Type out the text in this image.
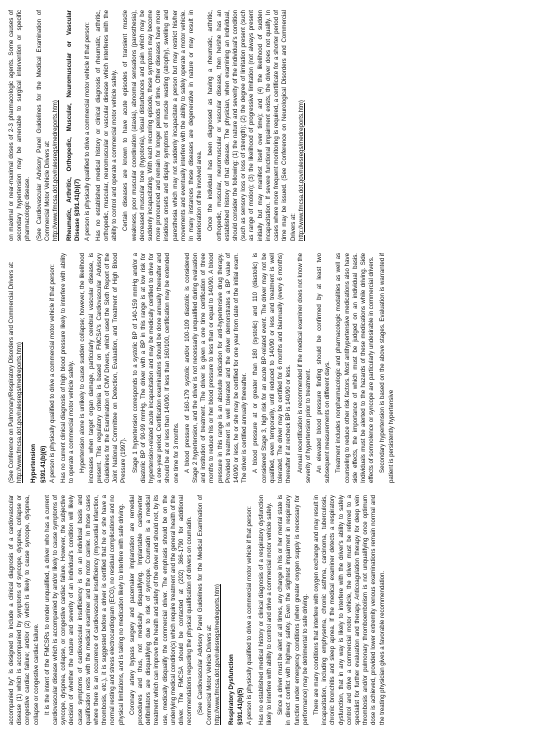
accompanied by" is designed to include a clinical diagnosis of a cardiovascular disease (1) which is accompanied by symptoms of syncope, dyspnea, collapse or congestive cardiac failure; and/or (2) which is likely to cause syncope, dyspnea, collapse or congestive cardiac failure. It is the intent of the FMCSRs to render unqualified, a driver who has a current cardiovascular disease which is accompanied by and/or likely to cause symptoms of syncope, dyspnea, collapse, or congestive cardiac failure. However, the subjective decision of whether the nature and severity of an individual's condition will likely cause symptoms of cardiovascular insufficiency is on an individual basis and qualification rests with the medical examiner and the motor carrier. In those cases where there is an occurrence of cardiovascular insufficiency (myocardial infarction, thrombosis, etc.), it is suggested before a driver is certified that he or she have a normal resting and stress electrocardiogram (ECG), no residual complications and no physical limitations, and is taking no medication likely to interfere with safe driving. Coronary artery bypass surgery and pacemaker implantation are remedial procedures and thus, not medically disqualifying. Implantable cardioverter defibrillators are disqualifying due to risk of syncope. Coumadin is a medical treatment which can improve the health and safety of the driver and should not, by its use, medically disqualify the commercial driver. The emphasis should be on the underlying medical condition(s) which require treatment and the general health of the driver. The FMCSA should be contacted at (202) 366-1790 for additional recommendations regarding the physical qualification of drivers on coumadin. (See Cardiovascular Advisory Panel Guidelines for the Medical Examination of Commercial Motor Vehicle Drivers at: http://www.fmcsa.dot.gov/rulesregs/medreports.htm) Respiratory Dysfunction §391.41(b)(5) A person is physically qualified to drive a commercial motor vehicle if that person: Has no established medical history or clinical diagnosis of a respiratory dysfunction likely to interfere with ability to control and drive a commercial motor vehicle safely. Since a driver must be alert at all times, any change in his or her mental state is in direct conflict with highway safety. Even the slightest impairment in respiratory function under emergency conditions (when greater oxygen supply is necessary for performance) may be detrimental to safe driving. There are many conditions that interfere with oxygen exchange and may result in incapacitation, including emphysema, chronic asthma, carcinoma, tuberculosis, chronic bronchitis and sleep apnea. If the medical examiner detects a respiratory dysfunction, that in any way is likely to interfere with the driver's ability to safely control and drive a commercial motor vehicle, the driver must be referred to a specialist for further evaluation and therapy. Anticoagulation therapy for deep vein thrombosis and/or pulmonary thromboembolism is not unqualifying once optimum dose is achieved, provided lower extremity venous examinations remain normal and the treating physician gives a favorable recommendation.

(See Conference on Pulmonary/Respiratory Disorders and Commercial Drivers at: http://www.fmcsa.dot.gov/rulesregs/medreports.htm) Hypertension §391.41(b)(6) A person is physically qualified to drive a commercial motor vehicle if that person: Has no current clinical diagnosis of high blood pressure likely to interfere with ability to operate a commercial motor vehicle safely. Hypertension alone is unlikely to cause sudden collapse; however, the likelihood increases when target organ damage, particularly cerebral vascular disease, is present. This regulatory criteria is based on FMCSA's Cardiovascular Advisory Guidelines for the Examination of CMV Drivers, which used the Sixth Report of the Joint National Committee on Detection, Evaluation, and Treatment of High Blood Pressure (1997). Stage 1 hypertension corresponds to a systolic BP of 140-159 mmHg and/or a diastolic BP of 90-99 mmHg. The driver with a BP in this range is at low risk for hypertension-related acute incapacitation and may be medically certified to drive for a one-year period. Certification examinations should be done annually thereafter and should be at or less than 140/90. If less than 160/100, certification may be extended one time for 3 months. A blood pressure of 160-179 systolic and/or 100-109 diastolic is considered Stage 2 hypertension, and the driver is not necessarily unqualified during evaluation and institution of treatment. The driver is given a one time certification of three months to reduce his or her blood pressure to less than or equal to 140/90. A blood pressure in this range is an absolute indication for anti-hypertensive drug therapy. Provided treatment is well tolerated and the driver demonstrates a BP value of 140/90 or less, he or she may be certified for one year from date of the initial exam. The driver is certified annually thereafter. A blood pressure at or greater than 180 (systolic) and 110 (diastolic) is considered Stage 3, high risk for an acute BP-related event. The driver may not be qualified, even temporarily, until reduced to 140/90 or less and treatment is well tolerated. The driver may be certified for 6 months and biannually (every 6 months) thereafter if at recheck BP is 140/90 or less. Annual recertification is recommended if the medical examiner does not know the severity of hypertension prior to treatment. An elevated blood pressure finding should be confirmed by at least two subsequent measurements on different days. Treatment includes nonpharmacologic and pharmacologic modalities as well as counseling to reduce other risk factors. Most antihypertensive medications also have side effects, the importance of which must be judged on an individual basis. Individuals must be alerted to the hazards of these medications while driving. Side effects of somnolence or syncope are particularly undesirable in commercial drivers. Secondary hypertension is based on the above stages. Evaluation is warranted if patient is persistently hypertensive

on maximal or near-maximal doses of 2-3 pharmacologic agents. Some causes of secondary hypertension may be amenable to surgical intervention or specific pharmacologic disease. (See Cardiovascular Advisory Panel Guidelines for the Medical Examination of Commercial Motor Vehicle Drivers at: http://www.fmcsa.dot.gov/rulesregs/medreports.htm) Rheumatic, Arthritic, Orthopedic, Muscular, Neuromuscular or Vascular Disease §391.41(b)(7) A person is physically qualified to drive a commercial motor vehicle if that person: Has no established medical history or clinical diagnosis of rheumatic, arthritic, orthopedic, muscular, neuromuscular or vascular disease which interferes with the ability to control and operate a commercial motor vehicle safely. Certain diseases are known to have acute episodes of transient muscle weakness, poor muscular coordination (ataxia), abnormal sensations (paresthesia), decreased muscular tone (hypotonia), visual disturbances and pain which may be suddenly incapacitating. With each recurring episode, these symptoms may become more pronounced and remain for longer periods of time. Other diseases have more insidious onsets and display symptoms of muscle wasting (atrophy), swelling and paresthesia which may not suddenly incapacitate a person but may restrict his/her movements and eventually interfere with the ability to safely operate a motor vehicle. In many instances these diseases are degenerative in nature or may result in deterioration of the involved area. Once the individual has been diagnosed as having a rheumatic, arthritic, orthopedic, muscular, neuromuscular or vascular disease, then he/she has an established history of that disease. The physician, when examining an individual, should consider the following: (1) the nature and severity of the individual's condition (such as sensory loss or loss of strength); (2) the degree of limitation present (such as range of motion); (3) the likelihood of progressive limitation (not always present initially but may manifest itself over time); and (4) the likelihood of sudden incapacitation. If severe functional impairment exists, the driver does not qualify. In cases where more frequent monitoring is required, a certificate for a shorter period of time may be issued. (See Conference on Neurological Disorders and Commercial Drivers at: http://www.fmcsa.dot.gov/rulesregs/medreports.htm)
